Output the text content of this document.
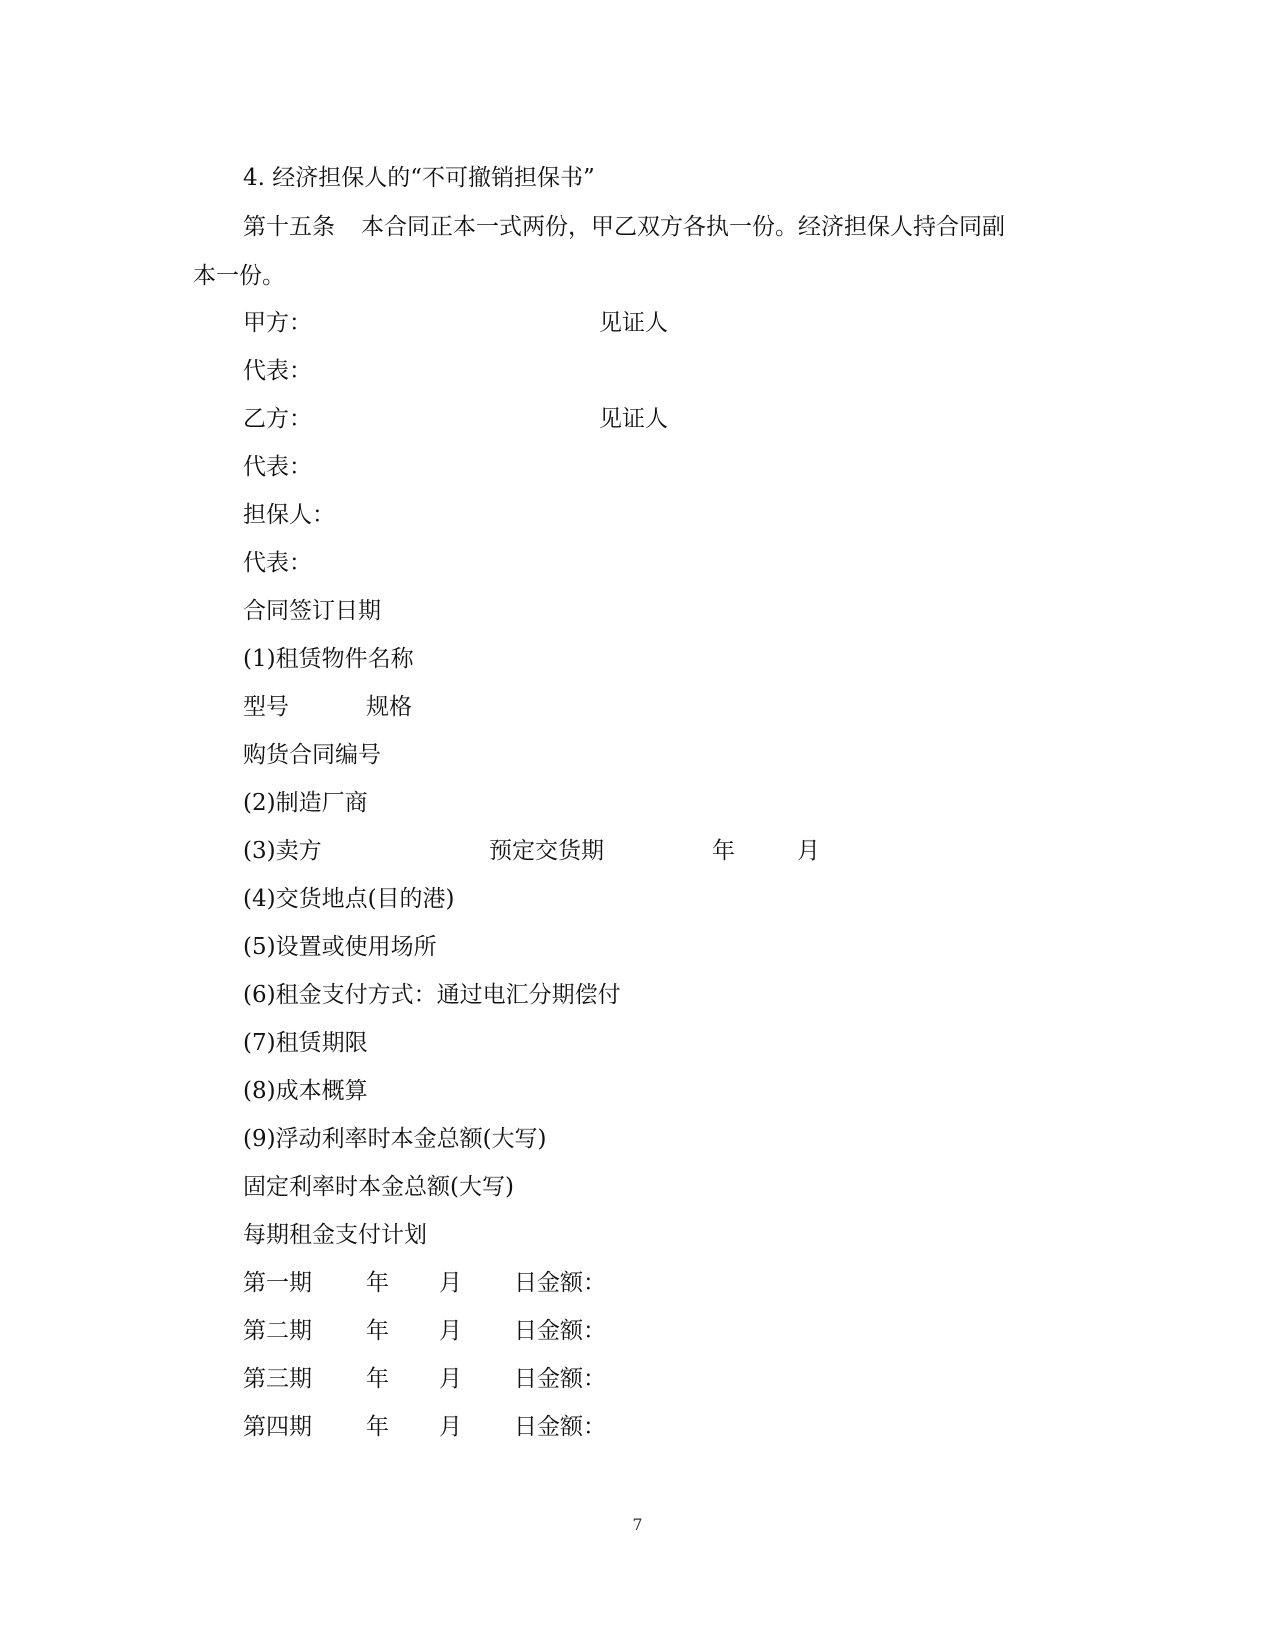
4. 经济担保人的“不可撤销担保书”
第十五条 本合同正本一式两份，甲乙双方各执一份。经济担保人持合同副
本一份。
甲方：	见证人
代表：
乙方：	见证人
代表：
担保人：
代表：
合同签订日期
(1)租赁物件名称
型号	规格
购货合同编号
(2)制造厂商
(3)卖方	预定交货期	年	月
(4)交货地点(目的港)
(5)设置或使用场所
(6)租金支付方式：通过电汇分期偿付
(7)租赁期限
(8)成本概算
(9)浮动利率时本金总额(大写)
固定利率时本金总额(大写)
每期租金支付计划
第一期 年 月 日金额：
第二期 年 月 日金额：
第三期 年 月 日金额：
第四期 年 月 日金额：
7
